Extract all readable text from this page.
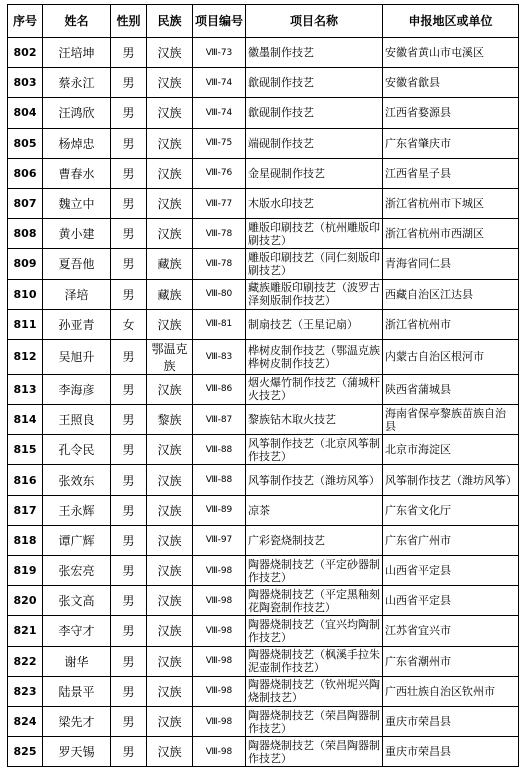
序号	姓名	性别	民族	项目编号	项目名称	申报地区或单位
802	汪培坤	男	汉族	Ⅷ-73	徽墨制作技艺	安徽省黄山市屯溪区
803	蔡永江	男	汉族	Ⅷ-74	歙砚制作技艺	安徽省歙县
804	汪鸿欣	男	汉族	Ⅷ-74	歙砚制作技艺	江西省婺源县
805	杨焯忠	男	汉族	Ⅷ-75	端砚制作技艺	广东省肇庆市
806	曹春水	男	汉族	Ⅷ-76	金星砚制作技艺	江西省星子县
807	魏立中	男	汉族	Ⅷ-77	木版水印技艺	浙江省杭州市下城区
808	黄小建	男	汉族	Ⅷ-78	雕版印刷技艺（杭州雕版印刷技艺）	浙江省杭州市西湖区
809	夏吾他	男	藏族	Ⅷ-78	雕版印刷技艺（同仁刻版印刷技艺）	青海省同仁县
810	泽培	男	藏族	Ⅷ-80	藏族雕版印刷技艺（波罗古泽刻版制作技艺）	西藏自治区江达县
811	孙亚青	女	汉族	Ⅷ-81	制扇技艺（王星记扇）	浙江省杭州市
812	吴旭升	男	鄂温克族	Ⅷ-83	桦树皮制作技艺（鄂温克族桦树皮制作技艺）	内蒙古自治区根河市
813	李海彦	男	汉族	Ⅷ-86	烟火爆竹制作技艺（蒲城杆火技艺）	陕西省蒲城县
814	王照良	男	黎族	Ⅷ-87	黎族钻木取火技艺	海南省保亭黎族苗族自治县
815	孔令民	男	汉族	Ⅷ-88	风筝制作技艺（北京风筝制作技艺）	北京市海淀区
816	张效东	男	汉族	Ⅷ-88	风筝制作技艺（潍坊风筝）	风筝制作技艺（潍坊风筝）
817	王永辉	男	汉族	Ⅷ-89	凉茶	广东省文化厅
818	谭广辉	男	汉族	Ⅷ-97	广彩瓷烧制技艺	广东省广州市
819	张宏亮	男	汉族	Ⅷ-98	陶器烧制技艺（平定砂器制作技艺）	山西省平定县
820	张文高	男	汉族	Ⅷ-98	陶器烧制技艺（平定黑釉刻花陶瓷制作技艺）	山西省平定县
821	李守才	男	汉族	Ⅷ-98	陶器烧制技艺（宜兴均陶制作技艺）	江苏省宜兴市
822	谢华	男	汉族	Ⅷ-98	陶器烧制技艺（枫溪手拉朱泥壶制作技艺）	广东省潮州市
823	陆景平	男	汉族	Ⅷ-98	陶器烧制技艺（钦州坭兴陶烧制技艺）	广西壮族自治区钦州市
824	梁先才	男	汉族	Ⅷ-98	陶器烧制技艺（荣昌陶器制作技艺）	重庆市荣昌县
825	罗天锡	男	汉族	Ⅷ-98	陶器烧制技艺（荣昌陶器制作技艺）	重庆市荣昌县
